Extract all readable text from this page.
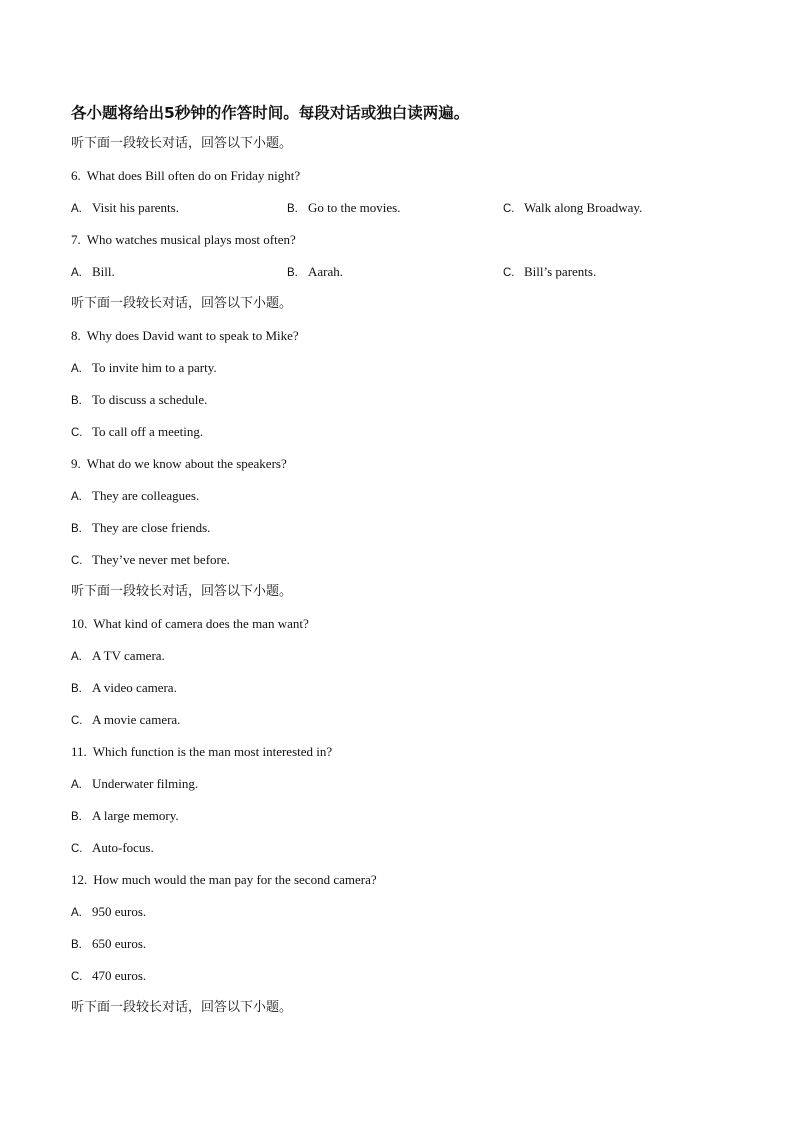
各小题将给出5秒钟的作答时间。每段对话或独白读两遍。
听下面一段较长对话，回答以下小题。
6. What does Bill often do on Friday night?
A. Visit his parents.	B. Go to the movies.	C. Walk along Broadway.
7. Who watches musical plays most often?
A. Bill.	B. Aarah.	C. Bill’s parents.
听下面一段较长对话，回答以下小题。
8. Why does David want to speak to Mike?
A. To invite him to a party.
B. To discuss a schedule.
C. To call off a meeting.
9. What do we know about the speakers?
A. They are colleagues.
B. They are close friends.
C. They’ve never met before.
听下面一段较长对话，回答以下小题。
10. What kind of camera does the man want?
A. A TV camera.
B. A video camera.
C. A movie camera.
11. Which function is the man most interested in?
A. Underwater filming.
B. A large memory.
C. Auto-focus.
12. How much would the man pay for the second camera?
A. 950 euros.
B. 650 euros.
C. 470 euros.
听下面一段较长对话，回答以下小题。
